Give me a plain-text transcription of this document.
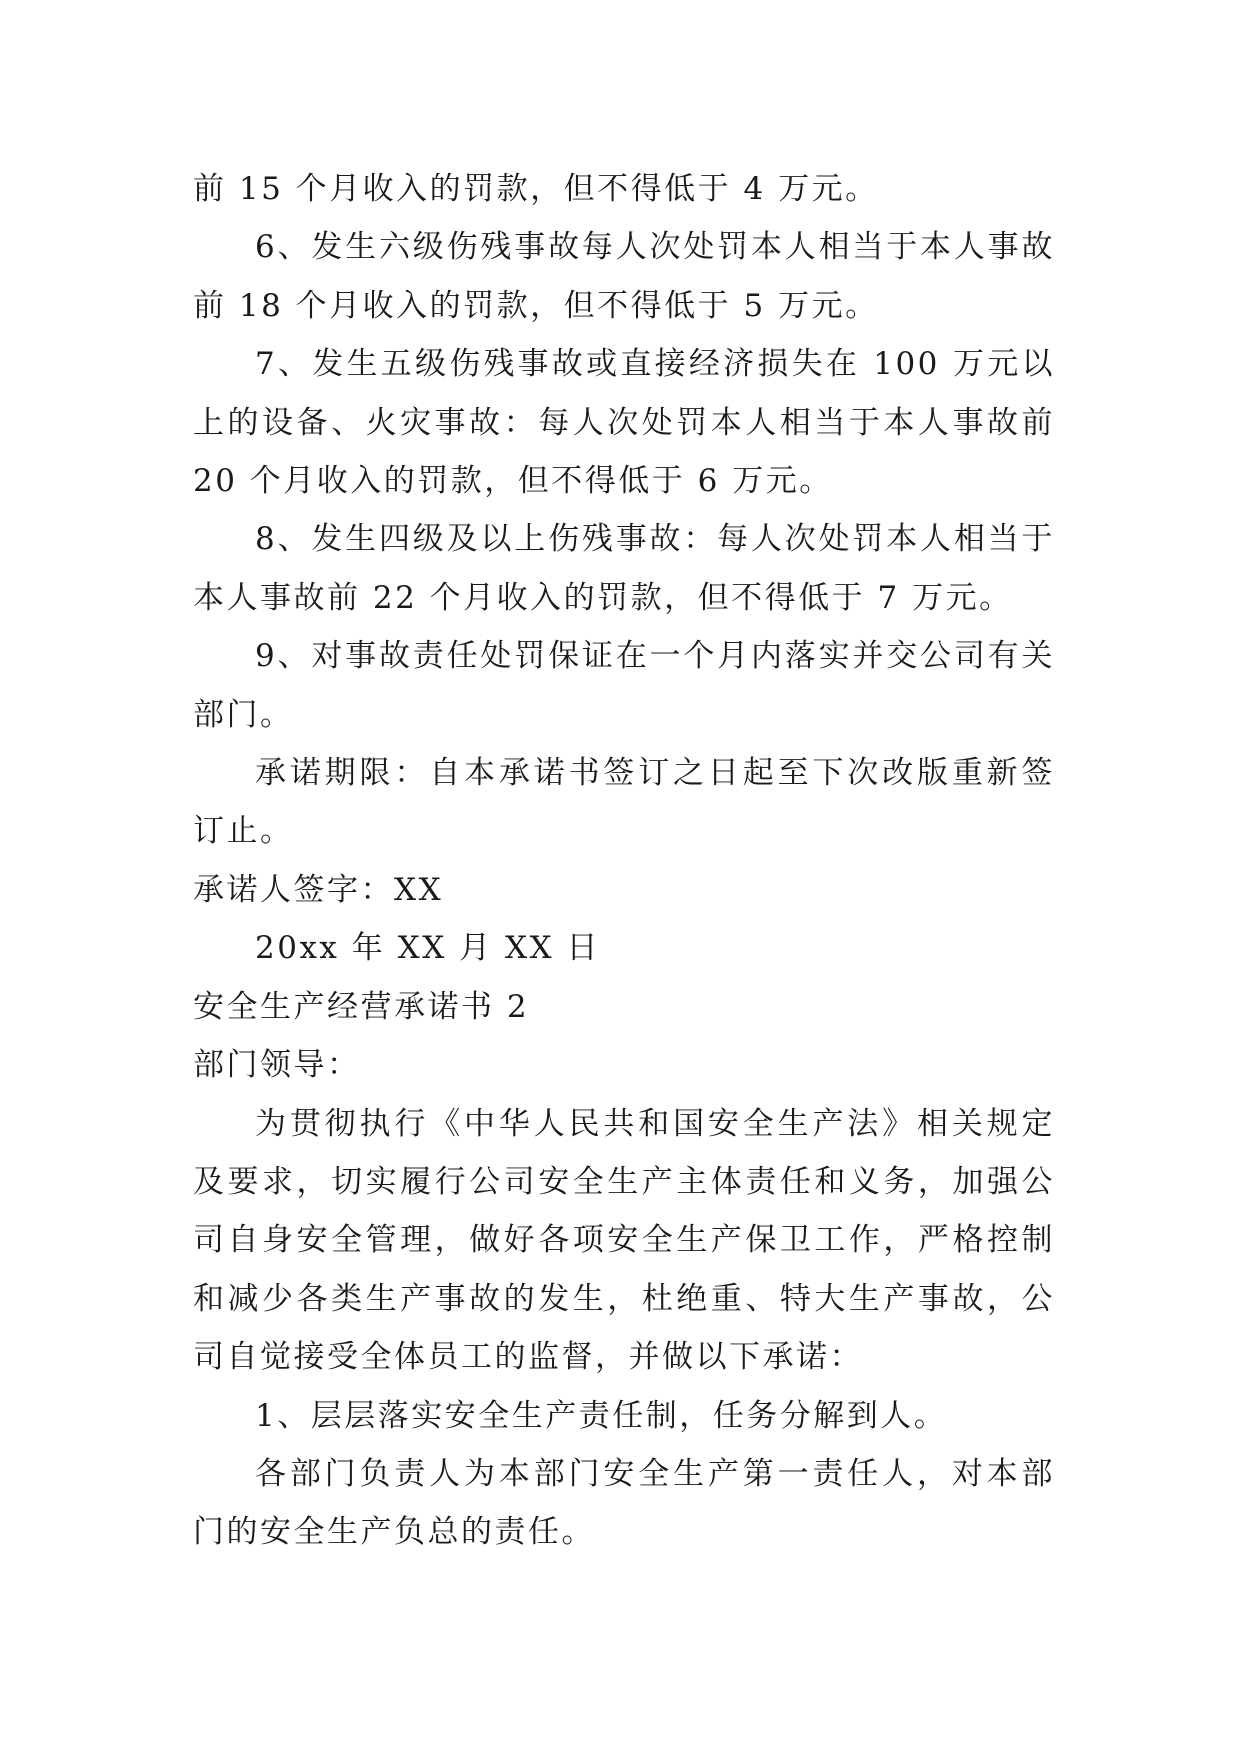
前 15 个月收入的罚款，但不得低于 4 万元。

6、发生六级伤残事故每人次处罚本人相当于本人事故前 18 个月收入的罚款，但不得低于 5 万元。

7、发生五级伤残事故或直接经济损失在 100 万元以上的设备、火灾事故：每人次处罚本人相当于本人事故前 20 个月收入的罚款，但不得低于 6 万元。

8、发生四级及以上伤残事故：每人次处罚本人相当于本人事故前 22 个月收入的罚款，但不得低于 7 万元。

9、对事故责任处罚保证在一个月内落实并交公司有关部门。

承诺期限：自本承诺书签订之日起至下次改版重新签订止。

承诺人签字：XX

20xx 年 XX 月 XX 日

安全生产经营承诺书 2

部门领导：

为贯彻执行《中华人民共和国安全生产法》相关规定及要求，切实履行公司安全生产主体责任和义务，加强公司自身安全管理，做好各项安全生产保卫工作，严格控制和减少各类生产事故的发生，杜绝重、特大生产事故，公司自觉接受全体员工的监督，并做以下承诺：

1、层层落实安全生产责任制，任务分解到人。

各部门负责人为本部门安全生产第一责任人，对本部门的安全生产负总的责任。
